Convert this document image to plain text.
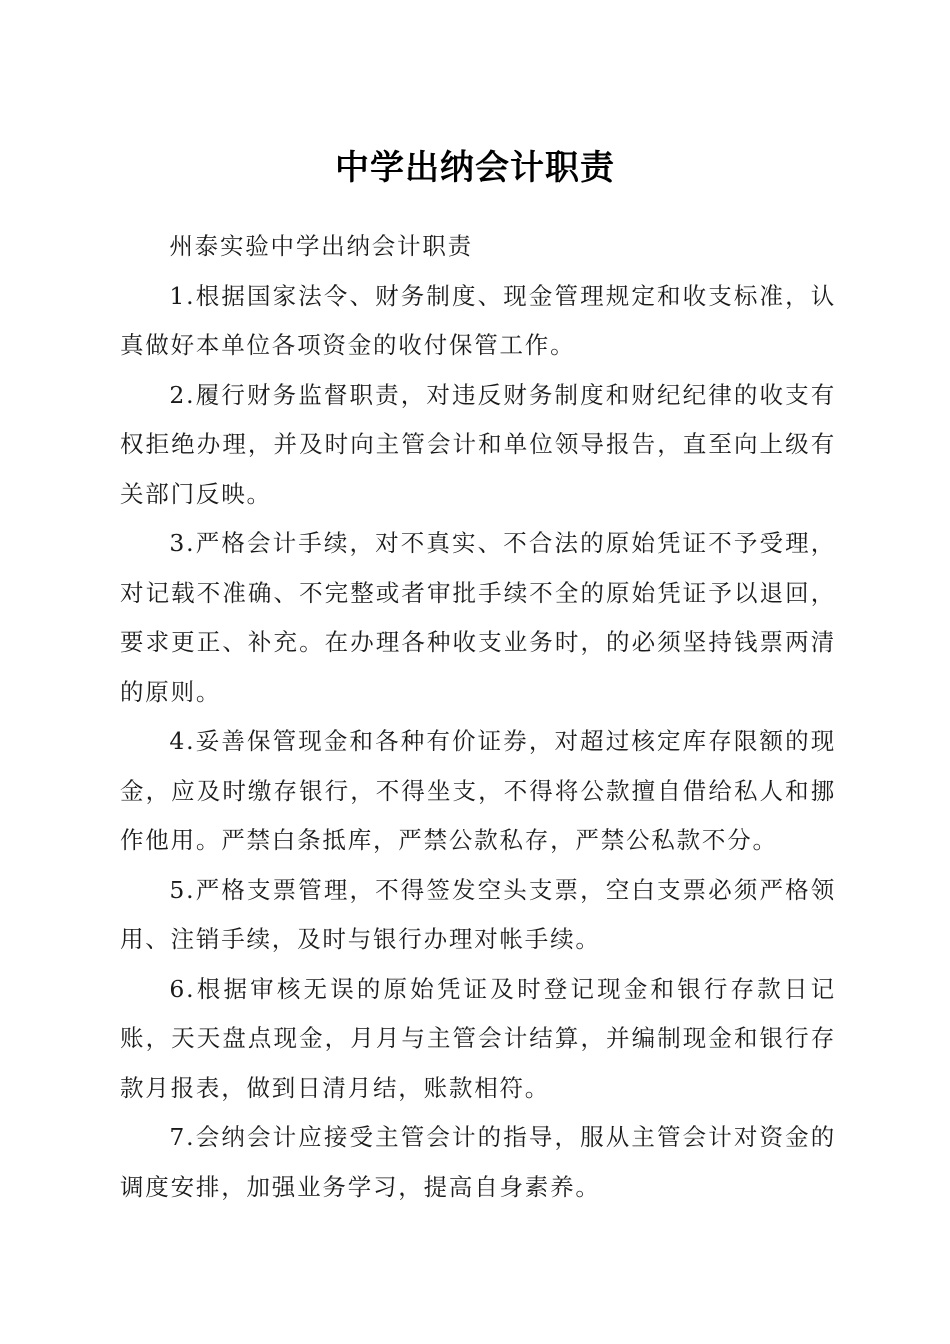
中学出纳会计职责

州泰实验中学出纳会计职责

1.根据国家法令、财务制度、现金管理规定和收支标准，认真做好本单位各项资金的收付保管工作。

2.履行财务监督职责，对违反财务制度和财纪纪律的收支有权拒绝办理，并及时向主管会计和单位领导报告，直至向上级有关部门反映。

3.严格会计手续，对不真实、不合法的原始凭证不予受理，对记载不准确、不完整或者审批手续不全的原始凭证予以退回，要求更正、补充。在办理各种收支业务时，的必须坚持钱票两清的原则。

4.妥善保管现金和各种有价证券，对超过核定库存限额的现金，应及时缴存银行，不得坐支，不得将公款擅自借给私人和挪作他用。严禁白条抵库，严禁公款私存，严禁公私款不分。

5.严格支票管理，不得签发空头支票，空白支票必须严格领用、注销手续，及时与银行办理对帐手续。

6.根据审核无误的原始凭证及时登记现金和银行存款日记账，天天盘点现金，月月与主管会计结算，并编制现金和银行存款月报表，做到日清月结，账款相符。

7.会纳会计应接受主管会计的指导，服从主管会计对资金的调度安排，加强业务学习，提高自身素养。
